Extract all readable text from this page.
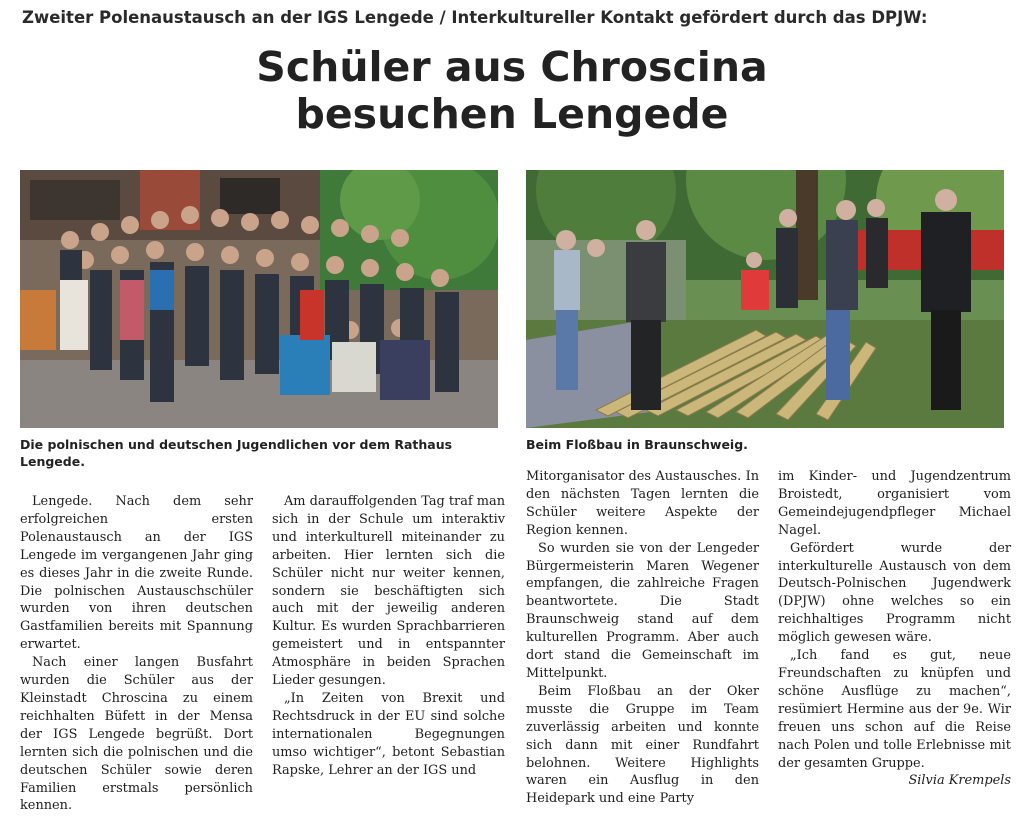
Zweiter Polenaustausch an der IGS Lengede / Interkultureller Kontakt gefördert durch das DPJW:
Schüler aus Chroscina
besuchen Lengede
Die polnischen und deutschen Jugendlichen vor dem Rathaus Lengede.
Beim Floßbau in Braunschweig.

Lengede. Nach dem sehr erfolgreichen ersten Polenaustausch an der IGS Lengede im vergangenen Jahr ging es dieses Jahr in die zweite Runde. Die polnischen Austauschschüler wurden von ihren deutschen Gastfamilien bereits mit Spannung erwartet.

Nach einer langen Busfahrt wurden die Schüler aus der Kleinstadt Chroscina zu einem reichhalten Büfett in der Mensa der IGS Lengede begrüßt. Dort lernten sich die polnischen und die deutschen Schüler sowie deren Familien erstmals persönlich kennen.

Am darauffolgenden Tag traf man sich in der Schule um interaktiv und interkulturell miteinander zu arbeiten. Hier lernten sich die Schüler nicht nur weiter kennen, sondern sie beschäftigten sich auch mit der jeweilig anderen Kultur. Es wurden Sprachbarrieren gemeistert und in entspannter Atmosphäre in beiden Sprachen Lieder gesungen.

„In Zeiten von Brexit und Rechtsdruck in der EU sind solche internationalen Begegnungen umso wichtiger“, betont Sebastian Rapske, Lehrer an der IGS und

Mitorganisator des Austausches. In den nächsten Tagen lernten die Schüler weitere Aspekte der Region kennen.

So wurden sie von der Lengeder Bürgermeisterin Maren Wegener empfangen, die zahlreiche Fragen beantwortete. Die Stadt Braunschweig stand auf dem kulturellen Programm. Aber auch dort stand die Gemeinschaft im Mittelpunkt.

Beim Floßbau an der Oker musste die Gruppe im Team zuverlässig arbeiten und konnte sich dann mit einer Rundfahrt belohnen. Weitere Highlights waren ein Ausflug in den Heidepark und eine Party

im Kinder- und Jugendzentrum Broistedt, organisiert vom Gemeindejugendpfleger Michael Nagel.

Gefördert wurde der interkulturelle Austausch von dem Deutsch-Polnischen Jugendwerk (DPJW) ohne welches so ein reichhaltiges Programm nicht möglich gewesen wäre.

„Ich fand es gut, neue Freundschaften zu knüpfen und schöne Ausflüge zu machen“, resümiert Hermine aus der 9e. Wir freuen uns schon auf die Reise nach Polen und tolle Erlebnisse mit der gesamten Gruppe.
Silvia Krempels
